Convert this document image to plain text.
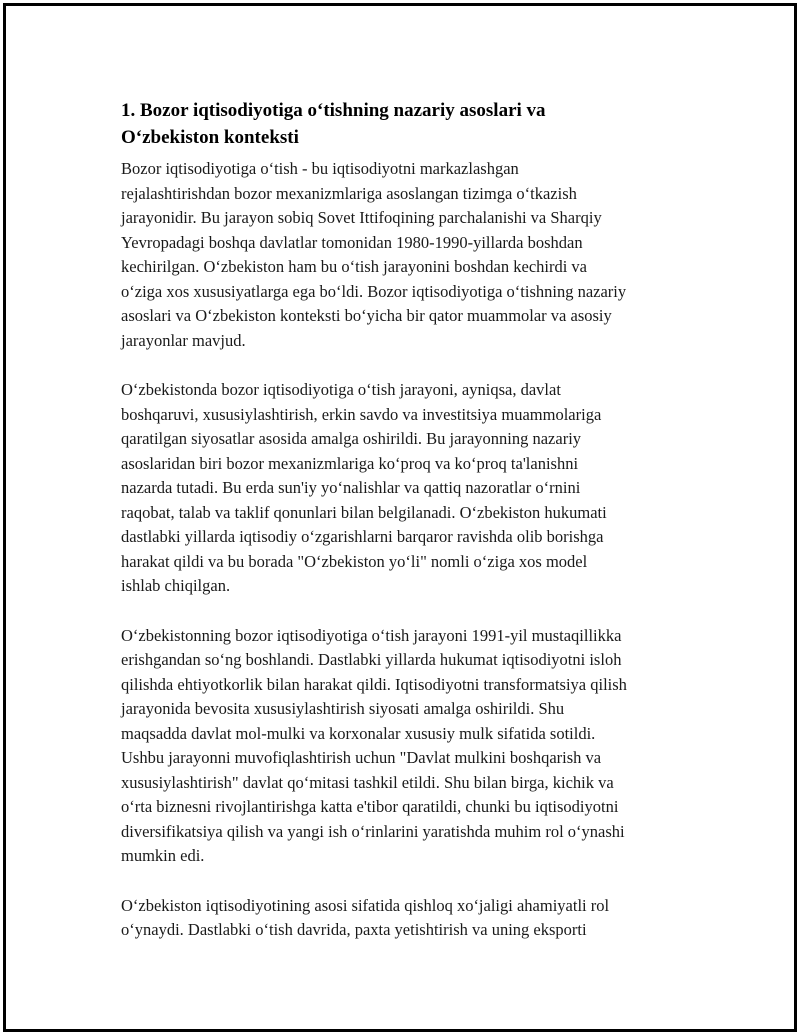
1. Bozor iqtisodiyotiga o‘tishning nazariy asoslari va
O‘zbekiston konteksti

Bozor iqtisodiyotiga o‘tish - bu iqtisodiyotni markazlashgan
rejalashtirishdan bozor mexanizmlariga asoslangan tizimga o‘tkazish
jarayonidir. Bu jarayon sobiq Sovet Ittifoqining parchalanishi va Sharqiy
Yevropadagi boshqa davlatlar tomonidan 1980-1990-yillarda boshdan
kechirilgan. O‘zbekiston ham bu o‘tish jarayonini boshdan kechirdi va
o‘ziga xos xususiyatlarga ega bo‘ldi. Bozor iqtisodiyotiga o‘tishning nazariy
asoslari va O‘zbekiston konteksti bo‘yicha bir qator muammolar va asosiy
jarayonlar mavjud.

O‘zbekistonda bozor iqtisodiyotiga o‘tish jarayoni, ayniqsa, davlat
boshqaruvi, xususiylashtirish, erkin savdo va investitsiya muammolariga
qaratilgan siyosatlar asosida amalga oshirildi. Bu jarayonning nazariy
asoslaridan biri bozor mexanizmlariga ko‘proq va ko‘proq ta'lanishni
nazarda tutadi. Bu erda sun'iy yo‘nalishlar va qattiq nazoratlar o‘rnini
raqobat, talab va taklif qonunlari bilan belgilanadi. O‘zbekiston hukumati
dastlabki yillarda iqtisodiy o‘zgarishlarni barqaror ravishda olib borishga
harakat qildi va bu borada "O‘zbekiston yo‘li" nomli o‘ziga xos model
ishlab chiqilgan.

O‘zbekistonning bozor iqtisodiyotiga o‘tish jarayoni 1991-yil mustaqillikka
erishgandan so‘ng boshlandi. Dastlabki yillarda hukumat iqtisodiyotni isloh
qilishda ehtiyotkorlik bilan harakat qildi. Iqtisodiyotni transformatsiya qilish
jarayonida bevosita xususiylashtirish siyosati amalga oshirildi. Shu
maqsadda davlat mol-mulki va korxonalar xususiy mulk sifatida sotildi.
Ushbu jarayonni muvofiqlashtirish uchun "Davlat mulkini boshqarish va
xususiylashtirish" davlat qo‘mitasi tashkil etildi. Shu bilan birga, kichik va
o‘rta biznesni rivojlantirishga katta e'tibor qaratildi, chunki bu iqtisodiyotni
diversifikatsiya qilish va yangi ish o‘rinlarini yaratishda muhim rol o‘ynashi
mumkin edi.

O‘zbekiston iqtisodiyotining asosi sifatida qishloq xo‘jaligi ahamiyatli rol
o‘ynaydi. Dastlabki o‘tish davrida, paxta yetishtirish va uning eksporti
